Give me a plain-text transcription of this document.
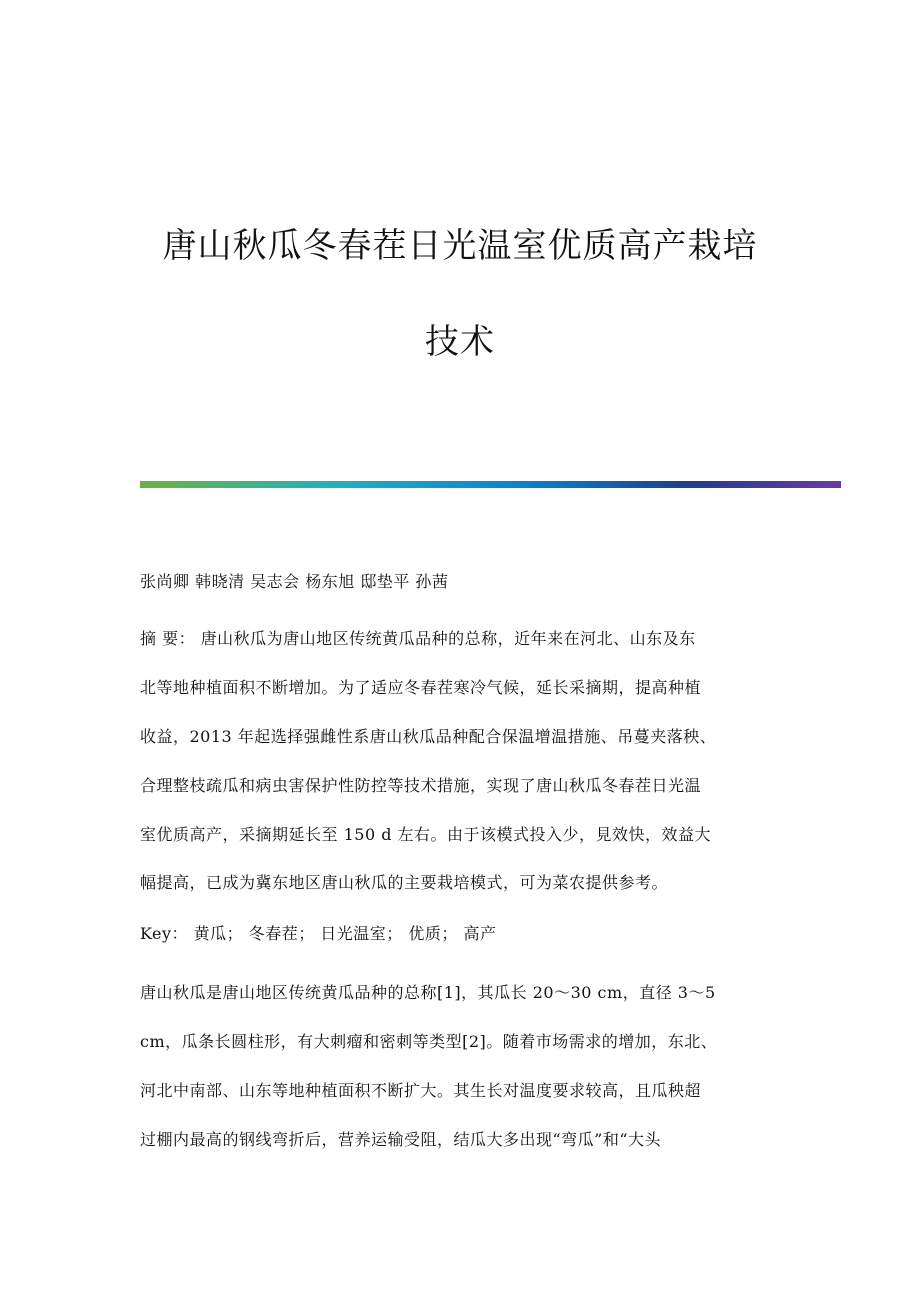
唐山秋瓜冬春茬日光温室优质高产栽培
技术
张尚卿 韩晓清 吴志会 杨东旭 邸垫平 孙茜
摘 要： 唐山秋瓜为唐山地区传统黄瓜品种的总称，近年来在河北、山东及东
北等地种植面积不断增加。为了适应冬春茬寒冷气候，延长采摘期，提高种植
收益，2013 年起选择强雌性系唐山秋瓜品种配合保温增温措施、吊蔓夹落秧、
合理整枝疏瓜和病虫害保护性防控等技术措施，实现了唐山秋瓜冬春茬日光温
室优质高产，采摘期延长至 150 d 左右。由于该模式投入少，見效快，效益大
幅提高，已成为冀东地区唐山秋瓜的主要栽培模式，可为菜农提供参考。
Key： 黄瓜； 冬春茬； 日光温室； 优质； 高产
唐山秋瓜是唐山地区传统黄瓜品种的总称[1]，其瓜长 20～30 cm，直径 3～5
cm，瓜条长圆柱形，有大刺瘤和密刺等类型[2]。随着市场需求的增加，东北、
河北中南部、山东等地种植面积不断扩大。其生长对温度要求较高，且瓜秧超
过棚内最高的钢线弯折后，营养运输受阻，结瓜大多出现“弯瓜”和“大头
